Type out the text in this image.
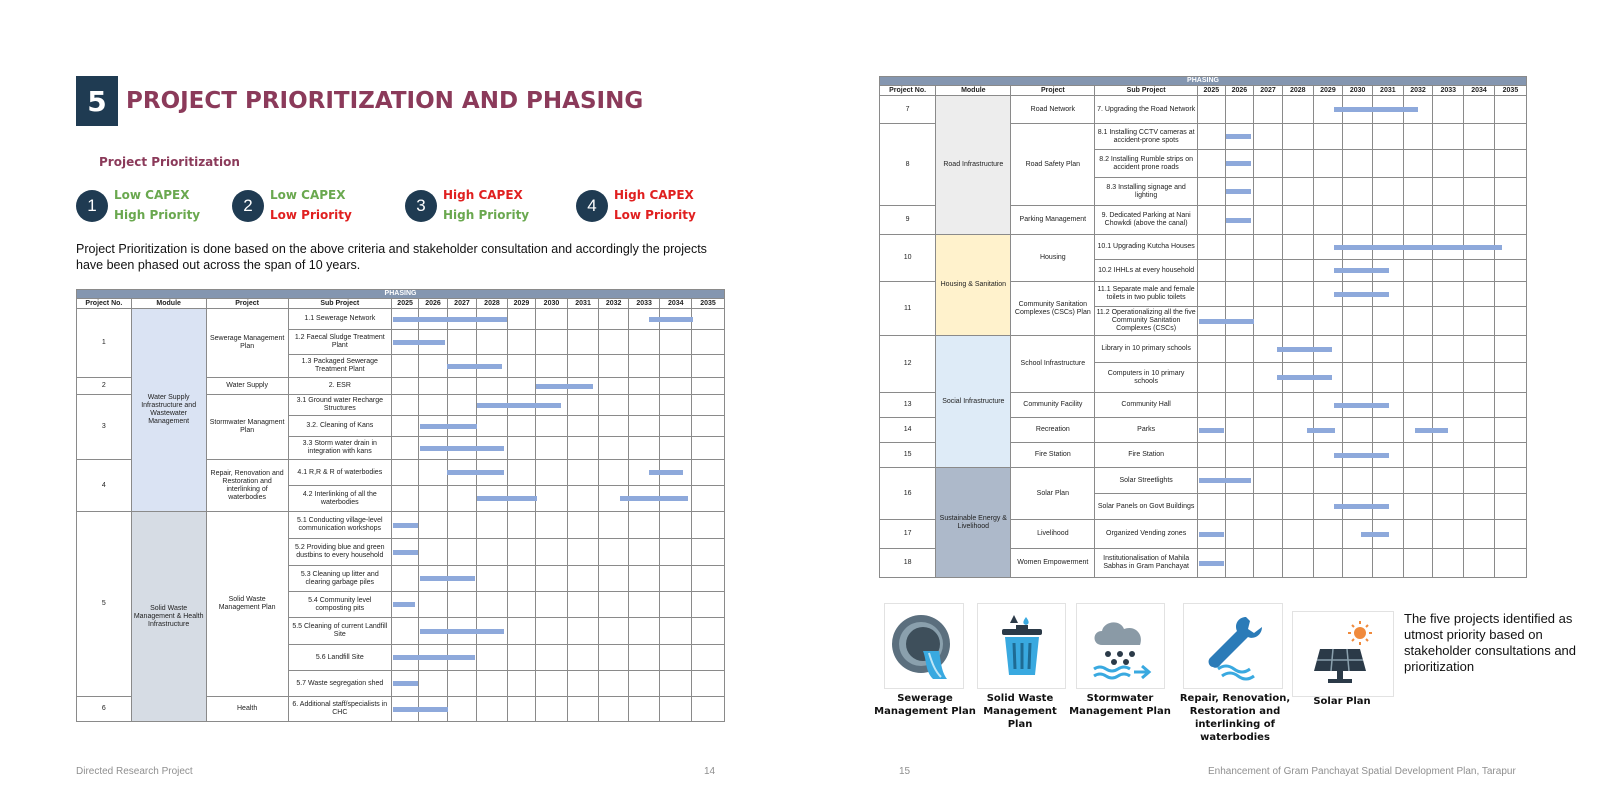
5 PROJECT PRIORITIZATION AND PHASING
Project Prioritization
1
Low CAPEX
High Priority	2
Low CAPEX
Low Priority	3
High CAPEX
High Priority	4
High CAPEX
Low Priority
Project Prioritization is done based on the above criteria and stakeholder consultation and accordingly the projects have been phased out across the span of 10 years.
PHASING														
Project No.	Module	Project	Sub Project	2025	2026	2027	2028	2029	2030	2031	2032	2033	2034	2035
1	Water Supply Infrastructure and Wastewater Management	Sewerage Management Plan	1.1 Sewerage Network	

			1.2 Faecal Sludge Treatment Plant	

			1.3 Packaged Sewerage Treatment Plant	

2		Water Supply	2. ESR	

3		Stormwater Managment Plan	3.1 Ground water Recharge Structures	

			3.2. Cleaning of Kans	

			3.3 Storm water drain in integration with kans	

4		Repair, Renovation and Restoration and interlinking of waterbodies	4.1 R,R & R of waterbodies	

			4.2 Interlinking of all the waterbodies	

5	Solid Waste Management & Health Infrastructure	Solid Waste Management Plan	5.1 Conducting village-level communication workshops	

			5.2 Providing blue and green dustbins to every household	

			5.3 Cleaning up litter and clearing garbage piles	

			5.4 Community level composting pits	

			5.5 Cleaning of current Landfill Site	

			5.6 Landfill Site	

			5.7 Waste segregation shed	

6		Health	6. Additional staff/specialists in CHC	

PHASING														
Project No.	Module	Project	Sub Project	2025	2026	2027	2028	2029	2030	2031	2032	2033	2034	2035
7	Road Infrastructure	Road Network	7. Upgrading the Road Network	

8		Road Safety Plan	8.1 Installing CCTV cameras at accident-prone spots	

			8.2 Installing Rumble strips on accident prone roads	

			8.3 Installing signage and lighting	

9		Parking Management	9. Dedicated Parking at Nani Chowkdi (above the canal)	

10	Housing & Sanitation	Housing	10.1 Upgrading Kutcha Houses	

			10.2 IHHLs at every household	

11		Community Sanitation Complexes (CSCs) Plan	11.1 Separate male and female toilets in two public toilets	

			11.2 Operationalizing all the five Community Sanitation Complexes (CSCs)	

12	Social Infrastructure	School Infrastructure	Library in 10 primary schools	

			Computers in 10 primary schools	

13		Community Facility	Community Hall	

14		Recreation	Parks	

15		Fire Station	Fire Station	

16	Sustainable Energy & Livelihood	Solar Plan	Solar Streetlights	

			Solar Panels on Govt Buildings	

17		Livelihood	Organized Vending zones	

18		Women Empowerment	Institutionalisation of Mahila Sabhas in Gram Panchayat	

Sewerage Management Plan
Solid Waste Management Plan
Stormwater Management Plan
Repair, Renovation, Restoration and interlinking of waterbodies
Solar Plan
The five projects identified as utmost priority based on stakeholder consultations and prioritization
Directed Research Project	14	15	Enhancement of Gram Panchayat Spatial Development Plan, Tarapur
